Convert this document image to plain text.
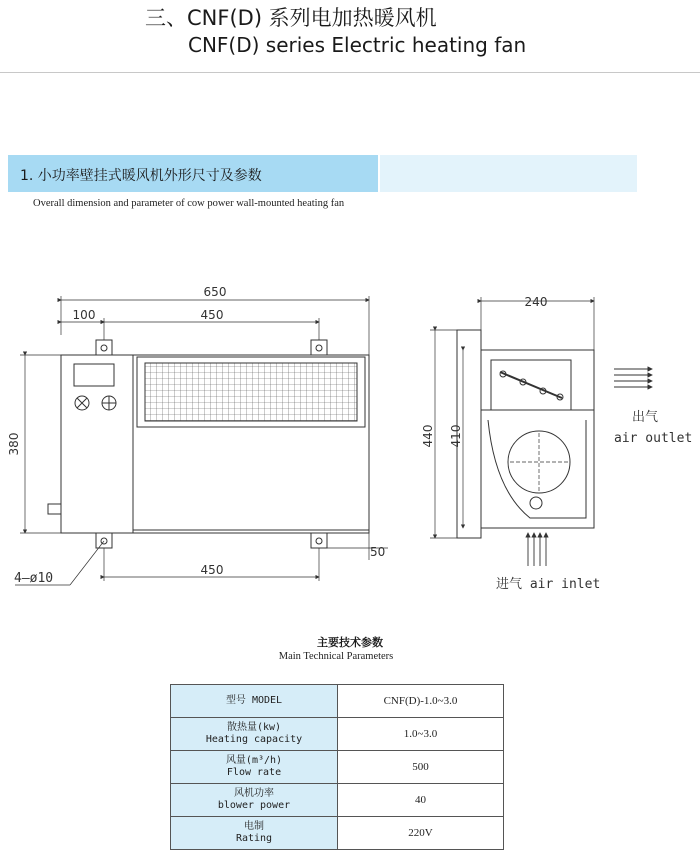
三、CNF(D) 系列电加热暖风机
CNF(D) series Electric heating fan
1. 小功率壁挂式暖风机外形尺寸及参数
Overall dimension and parameter of cow power wall-mounted heating fan
650
100	450
380
450
50
4—ø10
240
440 410
出气
air outlet
进气 air inlet
主要技术参数
Main Technical Parameters
型号 MODEL	CNF(D)-1.0~3.0

散热量(kw)
Heating capacity	1.0~3.0

风量(m³/h)
Flow rate	500

风机功率
blower power	40

电制
Rating	220V
